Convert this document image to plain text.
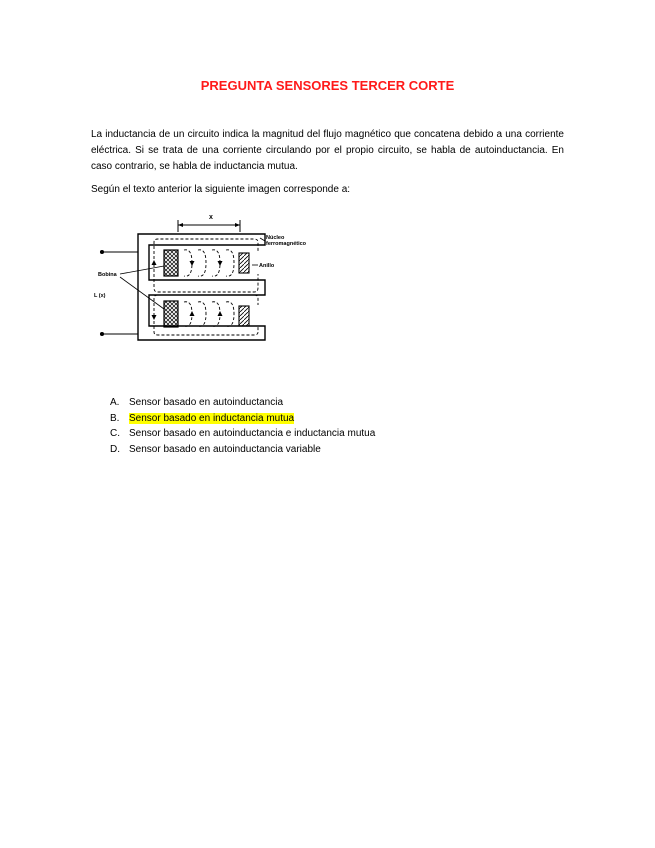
PREGUNTA SENSORES TERCER CORTE
La inductancia de un circuito indica la magnitud del flujo magnético que concatena debido a una corriente eléctrica. Si se trata de una corriente circulando por el propio circuito, se habla de autoinductancia. En caso contrario, se habla de inductancia mutua.
Según el texto anterior la siguiente imagen corresponde a:
x
Núcleo
ferromagnético
Anillo
Bobina
L (x)
A. Sensor basado en autoinductancia
B. Sensor basado en inductancia mutua
C. Sensor basado en autoinductancia e inductancia mutua
D. Sensor basado en autoinductancia variable
